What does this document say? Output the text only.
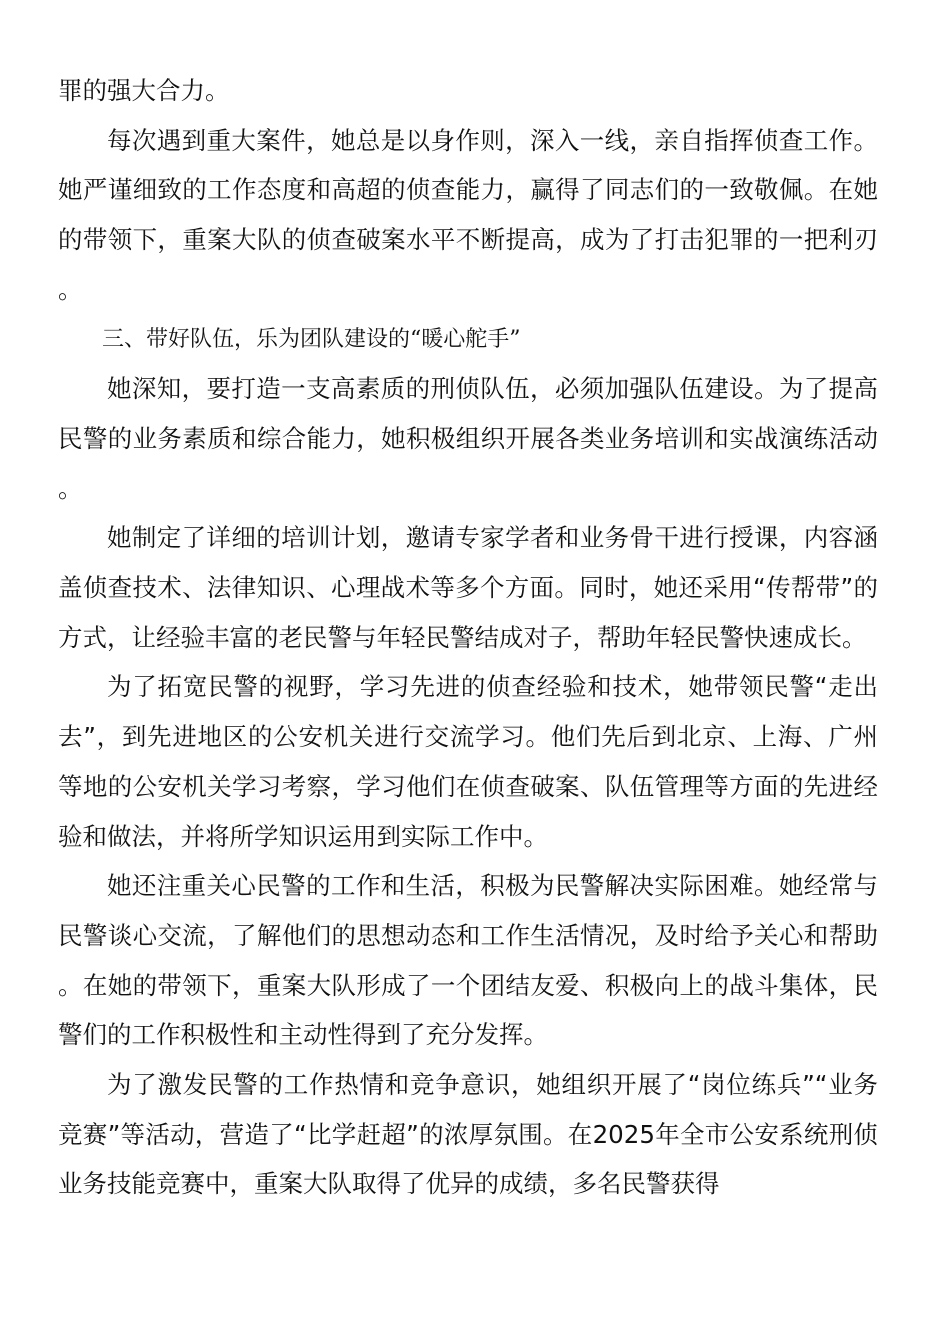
罪的强大合力。

每次遇到重大案件，她总是以身作则，深入一线，亲自指挥侦查工作。她严谨细致的工作态度和高超的侦查能力，赢得了同志们的一致敬佩。在她的带领下，重案大队的侦查破案水平不断提高，成为了打击犯罪的一把利刃。

三、带好队伍，乐为团队建设的“暖心舵手”

她深知，要打造一支高素质的刑侦队伍，必须加强队伍建设。为了提高民警的业务素质和综合能力，她积极组织开展各类业务培训和实战演练活动。

她制定了详细的培训计划，邀请专家学者和业务骨干进行授课，内容涵盖侦查技术、法律知识、心理战术等多个方面。同时，她还采用“传帮带”的方式，让经验丰富的老民警与年轻民警结成对子，帮助年轻民警快速成长。

为了拓宽民警的视野，学习先进的侦查经验和技术，她带领民警“走出去”，到先进地区的公安机关进行交流学习。他们先后到北京、上海、广州等地的公安机关学习考察，学习他们在侦查破案、队伍管理等方面的先进经验和做法，并将所学知识运用到实际工作中。

她还注重关心民警的工作和生活，积极为民警解决实际困难。她经常与民警谈心交流，了解他们的思想动态和工作生活情况，及时给予关心和帮助。在她的带领下，重案大队形成了一个团结友爱、积极向上的战斗集体，民警们的工作积极性和主动性得到了充分发挥。

为了激发民警的工作热情和竞争意识，她组织开展了“岗位练兵”“业务竞赛”等活动，营造了“比学赶超”的浓厚氛围。在2025年全市公安系统刑侦业务技能竞赛中，重案大队取得了优异的成绩，多名民警获得
